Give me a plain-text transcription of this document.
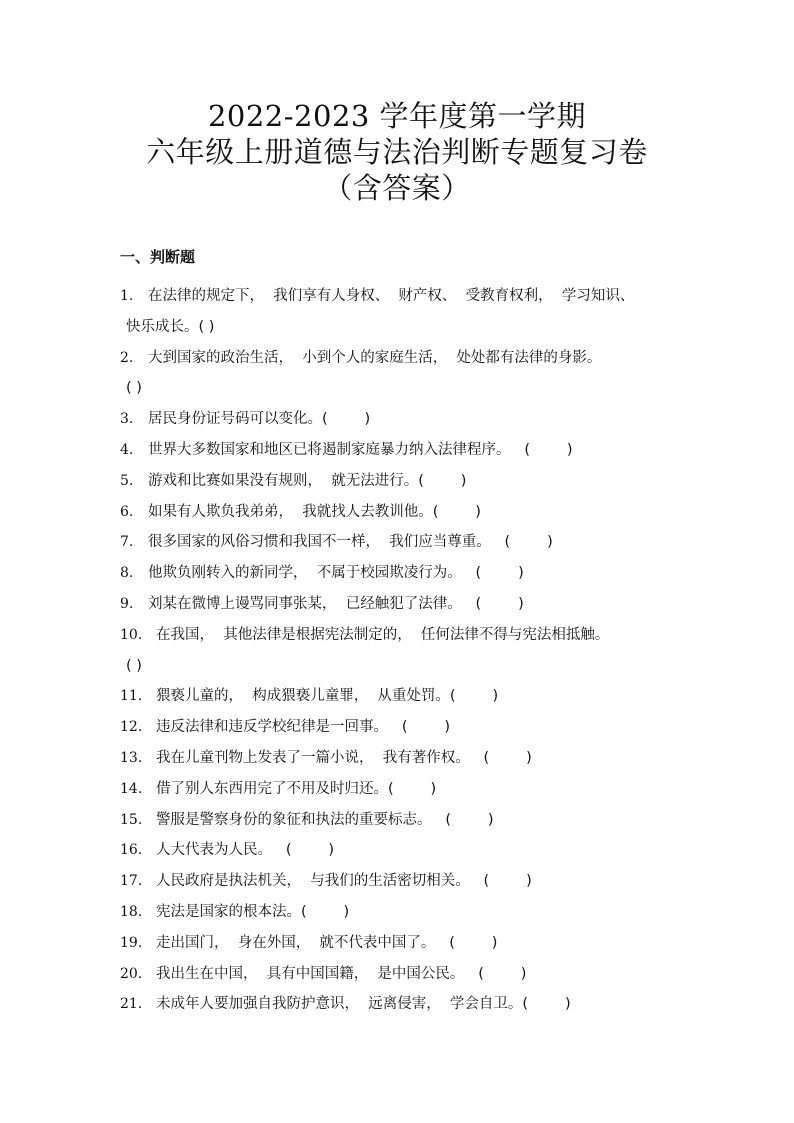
2022-2023 学年度第一学期
六年级上册道德与法治判断专题复习卷
（含答案）
一、判断题
1. 在法律的规定下，  我们享有人身权、  财产权、  受教育权利，  学习知识、
快乐成长。( )
2. 大到国家的政治生活，  小到个人的家庭生活，  处处都有法律的身影。
( )
3. 居民身份证号码可以变化。(        )
4. 世界大多数国家和地区已将遏制家庭暴力纳入法律程序。   (        )
5. 游戏和比赛如果没有规则，  就无法进行。(        )
6. 如果有人欺负我弟弟，  我就找人去教训他。(        )
7. 很多国家的风俗习惯和我国不一样，  我们应当尊重。   (        )
8. 他欺负刚转入的新同学，  不属于校园欺凌行为。   (        )
9. 刘某在微博上谩骂同事张某，  已经触犯了法律。   (        )
10. 在我国，  其他法律是根据宪法制定的，  任何法律不得与宪法相抵触。
( )
11. 猥亵儿童的，  构成猥亵儿童罪，  从重处罚。(        )
12. 违反法律和违反学校纪律是一回事。   (        )
13. 我在儿童刊物上发表了一篇小说，  我有著作权。   (        )
14. 借了别人东西用完了不用及时归还。(        )
15. 警服是警察身份的象征和执法的重要标志。   (        )
16. 人大代表为人民。   (        )
17. 人民政府是执法机关，  与我们的生活密切相关。   (        )
18. 宪法是国家的根本法。(        )
19. 走出国门，  身在外国，  就不代表中国了。   (        )
20. 我出生在中国，  具有中国国籍，  是中国公民。   (        )
21. 未成年人要加强自我防护意识，  远离侵害，  学会自卫。(        )
